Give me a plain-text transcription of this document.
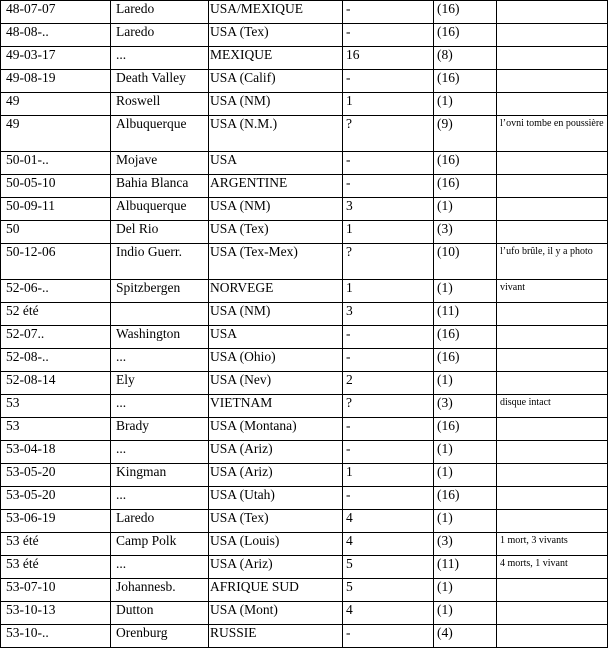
48-07-07	Laredo	USA/MEXIQUE	-	(16)	
48-08-..	Laredo	USA (Tex)	-	(16)	
49-03-17	...	MEXIQUE	16	(8)	
49-08-19	Death Valley	USA (Calif)	-	(16)	
49	Roswell	USA (NM)	1	(1)	
49	Albuquerque	USA (N.M.)	?	(9)	l’ovni tombe en poussière
50-01-..	Mojave	USA	-	(16)	
50-05-10	Bahia Blanca	ARGENTINE	-	(16)	
50-09-11	Albuquerque	USA (NM)	3	(1)	
50	Del Rio	USA (Tex)	1	(3)	
50-12-06	Indio Guerr.	USA (Tex-Mex)	?	(10)	l’ufo brûle, il y a photo
52-06-..	Spitzbergen	NORVEGE	1	(1)	vivant
52 été		USA (NM)	3	(11)	
52-07..	Washington	USA	-	(16)	
52-08-..	...	USA (Ohio)	-	(16)	
52-08-14	Ely	USA (Nev)	2	(1)	
53	...	VIETNAM	?	(3)	disque intact
53	Brady	USA (Montana)	-	(16)	
53-04-18	...	USA (Ariz)	-	(1)	
53-05-20	Kingman	USA (Ariz)	1	(1)	
53-05-20	...	USA (Utah)	-	(16)	
53-06-19	Laredo	USA (Tex)	4	(1)	
53 été	Camp Polk	USA (Louis)	4	(3)	1 mort, 3 vivants
53 été	...	USA (Ariz)	5	(11)	4 morts, 1 vivant
53-07-10	Johannesb.	AFRIQUE SUD	5	(1)	
53-10-13	Dutton	USA (Mont)	4	(1)	
53-10-..	Orenburg	RUSSIE	-	(4)	
